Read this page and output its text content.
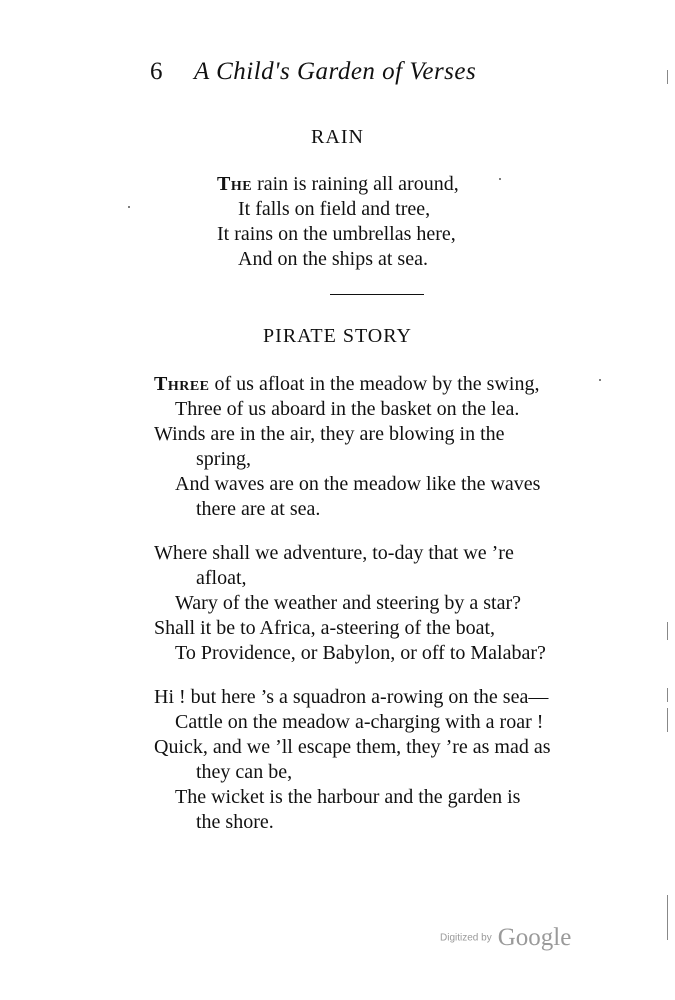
6 A Child's Garden of Verses
RAIN
The rain is raining all around,
It falls on field and tree,
It rains on the umbrellas here,
And on the ships at sea.
PIRATE STORY
Three of us afloat in the meadow by the swing,
Three of us aboard in the basket on the lea.
Winds are in the air, they are blowing in the
spring,
And waves are on the meadow like the waves
there are at sea.
Where shall we adventure, to-day that we ’re
afloat,
Wary of the weather and steering by a star?
Shall it be to Africa, a-steering of the boat,
To Providence, or Babylon, or off to Malabar?
Hi ! but here ’s a squadron a-rowing on the sea—
Cattle on the meadow a-charging with a roar !
Quick, and we ’ll escape them, they ’re as mad as
they can be,
The wicket is the harbour and the garden is
the shore.
Digitized by Google
